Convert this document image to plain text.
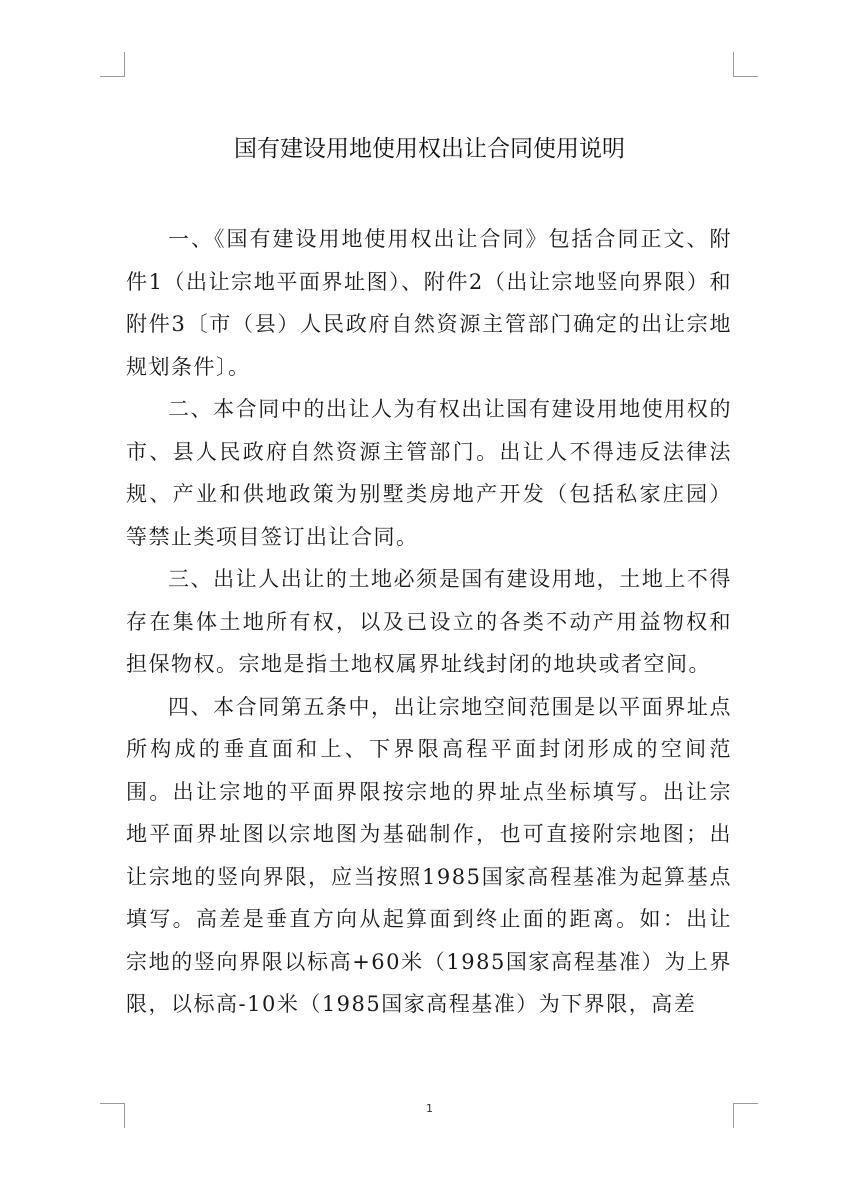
国有建设用地使用权出让合同使用说明

一、《国有建设用地使用权出让合同》包括合同正文、附件1（出让宗地平面界址图）、附件2（出让宗地竖向界限）和附件3〔市（县）人民政府自然资源主管部门确定的出让宗地规划条件〕。

二、本合同中的出让人为有权出让国有建设用地使用权的市、县人民政府自然资源主管部门。出让人不得违反法律法规、产业和供地政策为别墅类房地产开发（包括私家庄园）等禁止类项目签订出让合同。

三、出让人出让的土地必须是国有建设用地，土地上不得存在集体土地所有权，以及已设立的各类不动产用益物权和担保物权。宗地是指土地权属界址线封闭的地块或者空间。

四、本合同第五条中，出让宗地空间范围是以平面界址点所构成的垂直面和上、下界限高程平面封闭形成的空间范围。出让宗地的平面界限按宗地的界址点坐标填写。出让宗地平面界址图以宗地图为基础制作，也可直接附宗地图；出让宗地的竖向界限，应当按照1985国家高程基准为起算基点填写。高差是垂直方向从起算面到终止面的距离。如：出让宗地的竖向界限以标高+60米（1985国家高程基准）为上界限，以标高-10米（1985国家高程基准）为下界限，高差

1
